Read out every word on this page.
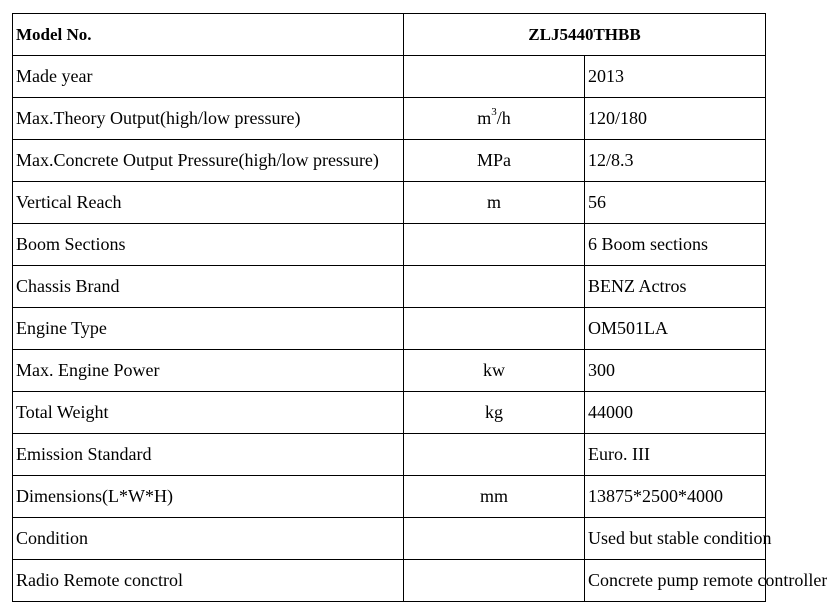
Model No.	ZLJ5440THBB	
Made year		2013
Max.Theory Output(high/low pressure)	$m^3/h$	120/180
Max.Concrete Output Pressure(high/low pressure)	MPa	12/8.3
Vertical Reach	m	56
Boom Sections		6 Boom sections
Chassis Brand		BENZ Actros
Engine Type		OM501LA
Max. Engine Power	kw	300
Total Weight	kg	44000
Emission Standard		Euro. III
Dimensions(L*W*H)	mm	13875*2500*4000
Condition		Used but stable condition
Radio Remote conctrol		Concrete pump remote controller
